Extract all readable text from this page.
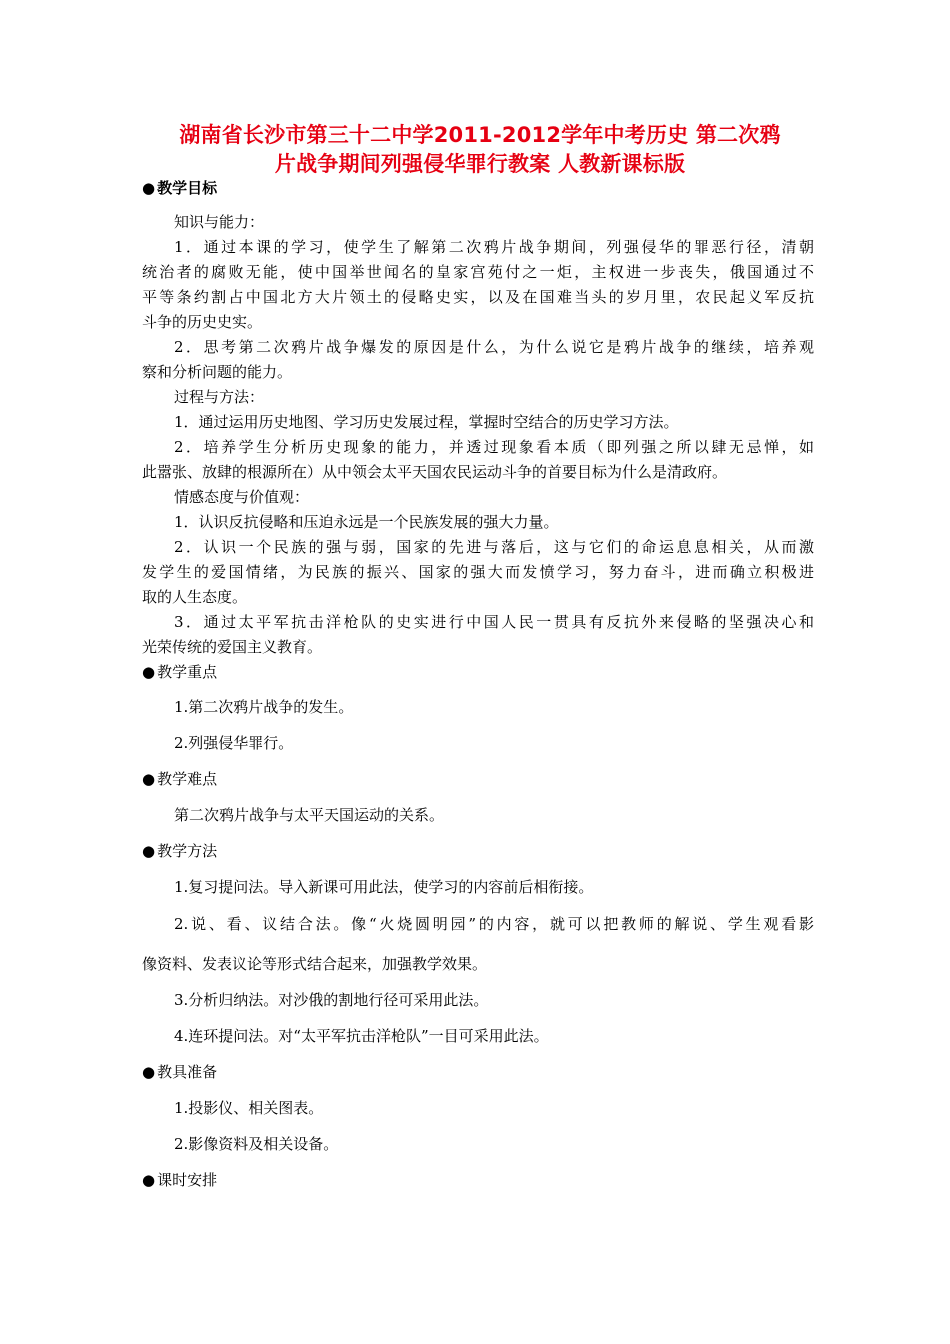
湖南省长沙市第三十二中学2011-2012学年中考历史 第二次鸦
片战争期间列强侵华罪行教案 人教新课标版
● 教学目标
知识与能力：
1．通过本课的学习，使学生了解第二次鸦片战争期间，列强侵华的罪恶行径，清朝
统治者的腐败无能，使中国举世闻名的皇家宫苑付之一炬，主权进一步丧失，俄国通过不
平等条约割占中国北方大片领土的侵略史实，以及在国难当头的岁月里，农民起义军反抗
斗争的历史史实。
2．思考第二次鸦片战争爆发的原因是什么，为什么说它是鸦片战争的继续，培养观
察和分析问题的能力。
过程与方法：
1．通过运用历史地图、学习历史发展过程，掌握时空结合的历史学习方法。
2．培养学生分析历史现象的能力，并透过现象看本质（即列强之所以肆无忌惮，如
此嚣张、放肆的根源所在）从中领会太平天国农民运动斗争的首要目标为什么是清政府。
情感态度与价值观：
1．认识反抗侵略和压迫永远是一个民族发展的强大力量。
2．认识一个民族的强与弱，国家的先进与落后，这与它们的命运息息相关，从而激
发学生的爱国情绪，为民族的振兴、国家的强大而发愤学习，努力奋斗，进而确立积极进
取的人生态度。
3．通过太平军抗击洋枪队的史实进行中国人民一贯具有反抗外来侵略的坚强决心和
光荣传统的爱国主义教育。
● 教学重点
1.第二次鸦片战争的发生。
2.列强侵华罪行。
● 教学难点
第二次鸦片战争与太平天国运动的关系。
● 教学方法
1.复习提问法。导入新课可用此法，使学习的内容前后相衔接。
2.说、看、议结合法。像“火烧圆明园”的内容，就可以把教师的解说、学生观看影
像资料、发表议论等形式结合起来，加强教学效果。
3.分析归纳法。对沙俄的割地行径可采用此法。
4.连环提问法。对“太平军抗击洋枪队”一目可采用此法。
● 教具准备
1.投影仪、相关图表。
2.影像资料及相关设备。
● 课时安排
